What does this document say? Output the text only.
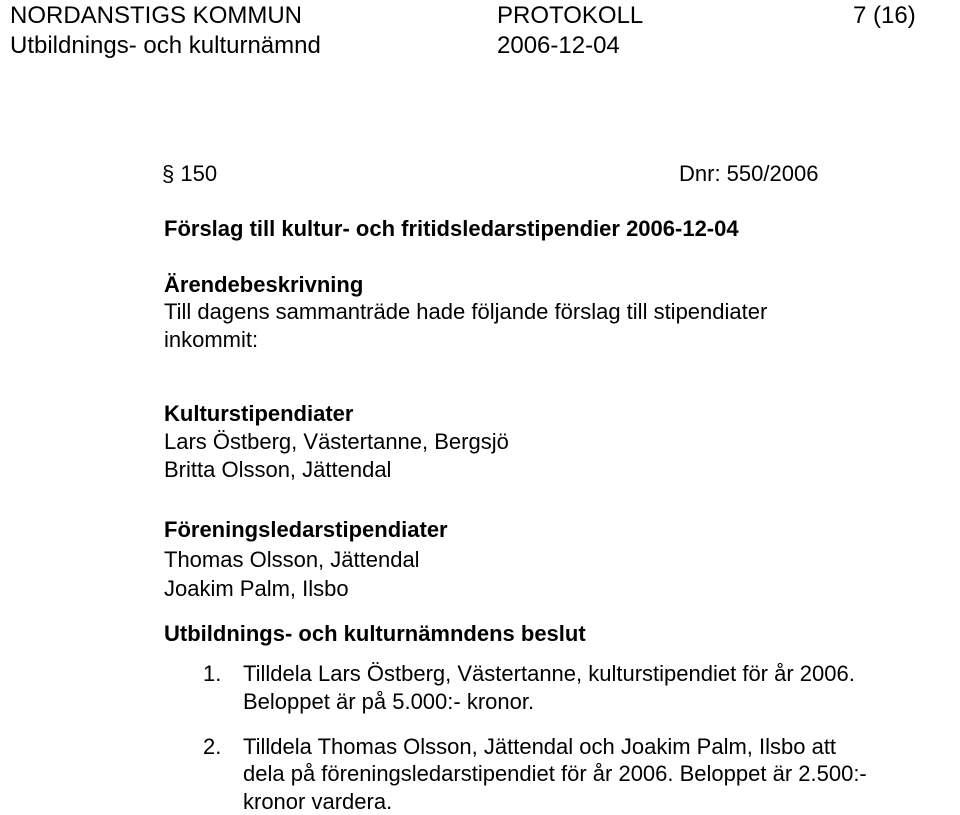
NORDANSTIGS KOMMUN	PROTOKOLL	7 (16)
Utbildnings- och kulturnämnd	2006-12-04
§ 150	Dnr: 550/2006
Förslag till kultur- och fritidsledarstipendier 2006-12-04
Ärendebeskrivning
Till dagens sammanträde hade följande förslag till stipendiater
inkommit:
Kulturstipendiater
Lars Östberg, Västertanne, Bergsjö
Britta Olsson, Jättendal
Föreningsledarstipendiater
Thomas Olsson, Jättendal
Joakim Palm, Ilsbo
Utbildnings- och kulturnämndens beslut
1. Tilldela Lars Östberg, Västertanne, kulturstipendiet för år 2006.
Beloppet är på 5.000:- kronor.
2. Tilldela Thomas Olsson, Jättendal och Joakim Palm, Ilsbo att
dela på föreningsledarstipendiet för år 2006. Beloppet är 2.500:-
kronor vardera.
